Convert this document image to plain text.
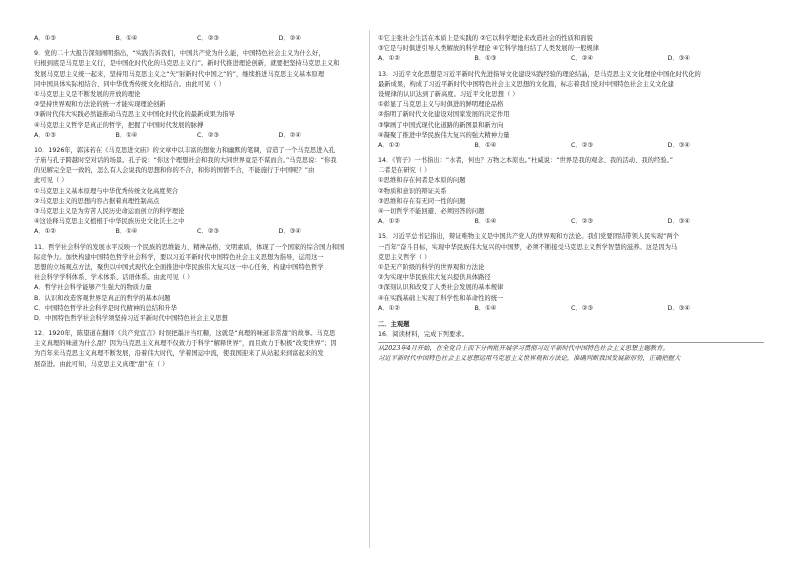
A．①③	B．①④	C．②③	D．②④
9．党的二十大报告深刻阐明指出，“实践告诉我们，中国共产党为什么能，中国特色社会主义为什么好，
归根到底是马克思主义行，是中国化时代化的马克思主义行”。新时代推进理论创新，就要把坚持马克思主义和
发展马克思主义统一起来，坚持用马克思主义之“矢”射新时代中国之“的”，继续推进马克思主义基本原理
同中国具体实际相结合、同中华优秀传统文化相结合。由此可见（ ）
①马克思主义是不断发展的开放的理论
②坚持世界观和方法论的统一才能实现理论创新
③新时代伟大实践必然能推动马克思主义中国化时代化的最新成果为指导
④马克思主义哲学是真正的哲学，把握了中国时代发展的脉搏
A．①③	B．①④	C．②③	D．②④
10．1926年，郭沫若在《马克思进文庙》的文章中以丰富的想象力和幽默的笔调，营造了一个马克思进入孔
子庙与孔子跨越时空对话的场景。孔子说：“你这个理想社会和我的大同世界竟是不谋而合。”马克思说：“你我
的见解完全是一致的，怎么有人会说我的思想和你的不合，和你的国情不合，不能施行于中国呢？”由
此可见（ ）
①马克思主义基本原理与中华优秀传统文化高度契合
②马克思主义的思想内容占据着真理性制高点
③马克思主义是为劳苦人民历史命运而创立的科学理论
④这诠释马克思主义植根于中华民族历史文化沃土之中
A．①②	B．①④	C．②③	D．③④
11．哲学社会科学的发展水平反映一个民族的思维能力、精神品格、文明素质，体现了一个国家的综合国力和国
际竞争力。加快构建中国特色哲学社会科学，要以习近平新时代中国特色社会主义思想为指导，运用这一
思想的立场观点方法，聚焦以中国式现代化全面推进中华民族伟大复兴这一中心任务，构建中国特色哲学
社会科学学科体系、学术体系、话语体系。由此可见（ ）
A．哲学社会科学能够产生强大的物质力量
B．认识和改造客观世界是真正的哲学的基本问题
C．中国特色哲学社会科学是时代精神的总结和升华
D．中国特色哲学社会科学须坚持习近平新时代中国特色社会主义思想
12．1920年，陈望道在翻译《共产党宣言》时误把墨汁当红糖，这就是“真理的味道非常甜”的故事。马克思
主义真理的味道为什么甜？因为马克思主义真理不仅致力于科学“解释世界”，而且致力于积极“改变世界”；因
为百年来马克思主义真理不断发展，沿着伟大时代，学着国运中流，使我国迎来了从站起来到富起来的发
展奋进。由此可知，马克思主义真理“甜”在（ ）
①它主张社会生活在本质上是实践的 ②它以科学理论来改造社会的性质和面貌
③它是与时俱进引导人类解放的科学理论 ④它科学地归结了人类发展的一般规律
A．①②	B．①③	C．②④	D．③④
13．习近平文化思想是习近平新时代先进指导文化建设实践经验的理论结晶，是马克思主义文化理论中国化时代化的
最新成果，构成了习近平新时代中国特色社会主义思想的文化篇，标志着我们党对中国特色社会主义文化建
设规律的认识达到了新高度。习近平文化思想（ ）
①彰显了马克思主义与时俱进的鲜明理论品格
②指明了新时代文化建设对国家发展的决定作用
③擘画了中国式现代化道路的新图景和新方向
④凝聚了推进中华民族伟大复兴的强大精神力量
A．①②	B．①④	C．②③	D．③④
14．《管子》一书指出：“水者，何也？万物之本原也。”杜威说：“世界是我的观念、我的活动、我的经验。”
二者是在研究（ ）
①思维和存在何者是本原的问题
②物质和意识的辩证关系
③思维和存在有无同一性的问题
④一切哲学不能回避、必须回答的问题
A．①②	B．①④	C．②③	D．③④
15．习近平总书记指出，辩证唯物主义是中国共产党人的世界观和方法论。我们党要团结带领人民实现“两个
一百年”奋斗目标，实现中华民族伟大复兴的中国梦，必须不断接受马克思主义哲学智慧的滋养。这是因为马
克思主义哲学（ ）
①是无产阶级的科学的世界观和方法论
②为实现中华民族伟大复兴提供具体路径
③深刻认识和改变了人类社会发展的基本规律
④在实践基础上实现了科学性和革命性的统一
A．①②	B．①④	C．②③	D．③④
二．主观题
16．阅读材料，完成下列要求。
从2023年4月开始，在全党自上而下分两批开展学习贯彻习近平新时代中国特色社会主义思想主题教育。
习近平新时代中国特色社会主义思想运用马克思主义世界观和方法论，准确判断我国发展新形势，正确把握大
